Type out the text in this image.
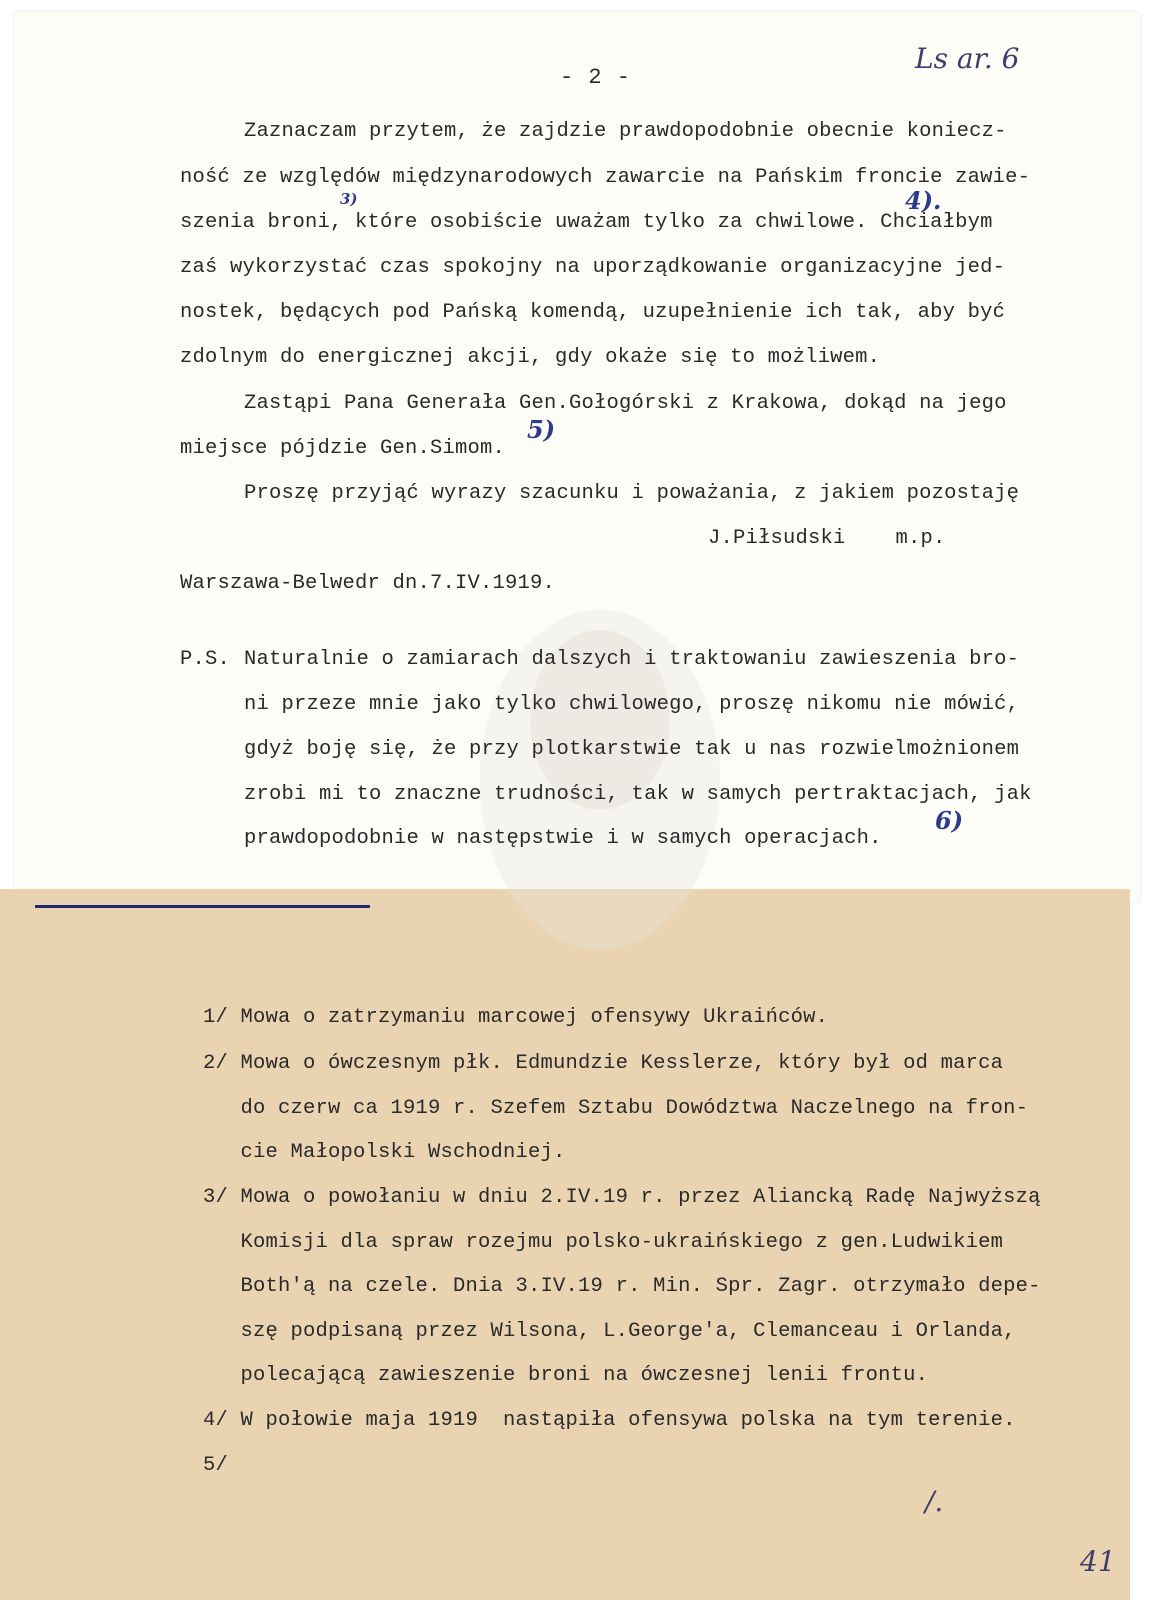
- 2 -
Ls ar. 6
Zaznaczam przytem, że zajdzie prawdopodobnie obecnie koniecz-
ność ze względów międzynarodowych zawarcie na Pańskim froncie zawie-
szenia broni, które osobiście uważam tylko za chwilowe. Chciałbym
zaś wykorzystać czas spokojny na uporządkowanie organizacyjne jed-
nostek, będących pod Pańską komendą, uzupełnienie ich tak, aby być
zdolnym do energicznej akcji, gdy okaże się to możliwem.
Zastąpi Pana Generała Gen.Gołogórski z Krakowa, dokąd na jego
miejsce pójdzie Gen.Simom.
Proszę przyjąć wyrazy szacunku i poważania, z jakiem pozostaję
J.Piłsudski    m.p.
Warszawa-Belwedr dn.7.IV.1919.
3)	4).
5)
6)
P.S. Naturalnie o zamiarach dalszych i traktowaniu zawieszenia bro-
ni przeze mnie jako tylko chwilowego, proszę nikomu nie mówić,
gdyż boję się, że przy plotkarstwie tak u nas rozwielmożnionem
zrobi mi to znaczne trudności, tak w samych pertraktacjach, jak
prawdopodobnie w następstwie i w samych operacjach.
1/ Mowa o zatrzymaniu marcowej ofensywy Ukraińców.
2/ Mowa o ówczesnym płk. Edmundzie Kesslerze, który był od marca
do czerw ca 1919 r. Szefem Sztabu Dowództwa Naczelnego na fron-
cie Małopolski Wschodniej.
3/ Mowa o powołaniu w dniu 2.IV.19 r. przez Aliancką Radę Najwyższą
Komisji dla spraw rozejmu polsko-ukraińskiego z gen.Ludwikiem
Both'ą na czele. Dnia 3.IV.19 r. Min. Spr. Zagr. otrzymało depe-
szę podpisaną przez Wilsona, L.George'a, Clemanceau i Orlanda,
polecającą zawieszenie broni na ówczesnej lenii frontu.
4/ W połowie maja 1919  nastąpiła ofensywa polska na tym terenie.
5/
/.
41
